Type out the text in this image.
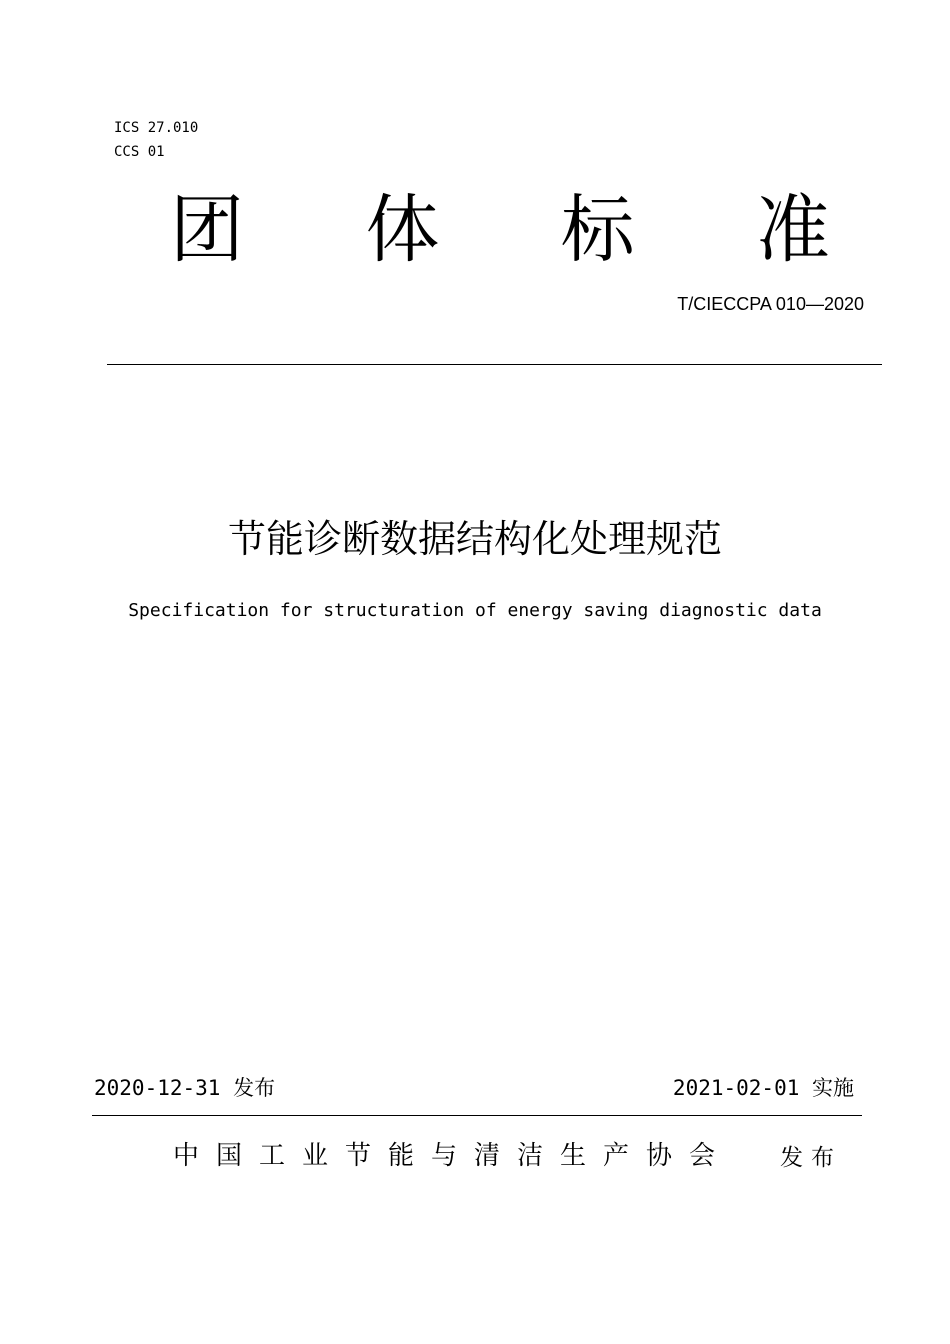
ICS 27.010
CCS 01
团 体 标 准
T/CIECCPA 010—2020
节能诊断数据结构化处理规范
Specification for structuration of energy saving diagnostic data
2020-12-31 发布	2021-02-01 实施
中国工业节能与清洁生产协会 发布
